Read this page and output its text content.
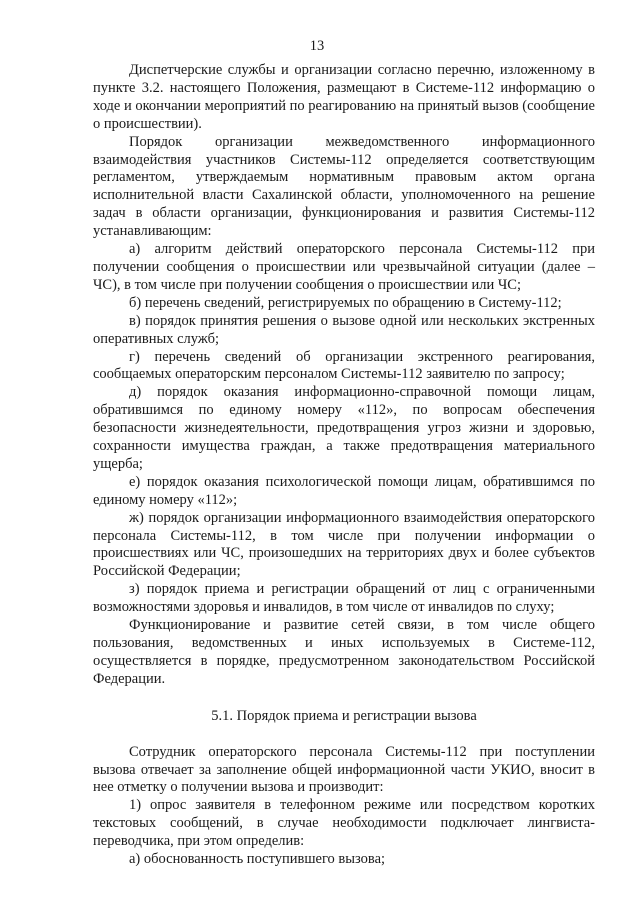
13

Диспетчерские службы и организации согласно перечню, изложенному в пункте 3.2. настоящего Положения, размещают в Системе-112 информацию о ходе и окончании мероприятий по реагированию на принятый вызов (сообщение о происшествии).

Порядок организации межведомственного информационного взаимодействия участников Системы-112 определяется соответствующим регламентом, утверждаемым нормативным правовым актом органа исполнительной власти Сахалинской области, уполномоченного на решение задач в области организации, функционирования и развития Системы-112 устанавливающим:

а) алгоритм действий операторского персонала Системы-112 при получении сообщения о происшествии или чрезвычайной ситуации (далее – ЧС), в том числе при получении сообщения о происшествии или ЧС;

б) перечень сведений, регистрируемых по обращению в Систему-112;

в) порядок принятия решения о вызове одной или нескольких экстренных оперативных служб;

г) перечень сведений об организации экстренного реагирования, сообщаемых операторским персоналом Системы-112 заявителю по запросу;

д) порядок оказания информационно-справочной помощи лицам, обратившимся по единому номеру «112», по вопросам обеспечения безопасности жизнедеятельности, предотвращения угроз жизни и здоровью, сохранности имущества граждан, а также предотвращения материального ущерба;

е) порядок оказания психологической помощи лицам, обратившимся по единому номеру «112»;

ж) порядок организации информационного взаимодействия операторского персонала Системы-112, в том числе при получении информации о происшествиях или ЧС, произошедших на территориях двух и более субъектов Российской Федерации;

з) порядок приема и регистрации обращений от лиц с ограниченными возможностями здоровья и инвалидов, в том числе от инвалидов по слуху;

Функционирование и развитие сетей связи, в том числе общего пользования, ведомственных и иных используемых в Системе-112, осуществляется в порядке, предусмотренном законодательством Российской Федерации.

5.1. Порядок приема и регистрации вызова

Сотрудник операторского персонала Системы-112 при поступлении вызова отвечает за заполнение общей информационной части УКИО, вносит в нее отметку о получении вызова и производит:

1) опрос заявителя в телефонном режиме или посредством коротких текстовых сообщений, в случае необходимости подключает лингвиста-переводчика, при этом определив:

а) обоснованность поступившего вызова;
